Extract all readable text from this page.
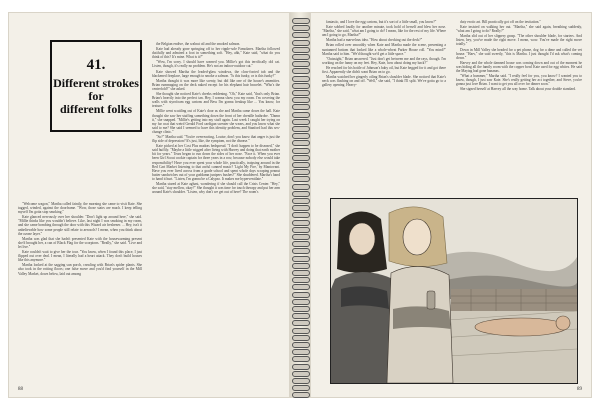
41.
Different strokes
for
different folks

"Welcome wagon," Martha called faintly, the morning she came to visit Kate. She tugged, winded, against the doorframe. "Wow, those stairs are much. I keep telling myself I'm gotta stop smoking."

Kate glanced nervously over her shoulder. "Don't light up around here," she said. "Millie thinks like you wouldn't believe. Like, last night I was smoking in my room, and she came bombing through the door with this Wizard air freshener. ... Hey, isn't it unbelievable how some people still relate to aerosols? I mean, when you think about the ozone layer."

Martha was glad that she hadn't presented Kate with the housewarming present she'd brought her, a can of Black Flag for the scorpions. "Really," she said. "Live and let live."

Kate couldn't wait to give her the tour. "You know, when I found this place, I just flipped out over deal. I mean, I literally had a heart attack. They don't build houses like this anymore."

Martha looked at the sagging sun porch, crawling with Brian's spider plants. She also took in the rotting floors; one false move and you'd find yourself in the Mill Valley Market, down below, laid out among

the Belgian endive, the walnut oil and the smoked salmon.

Kate had already gone springing off to her ripple-sole Famolares. Martha followed dutifully and admired a foot in something soft. "Hey, ahh," Kate said, "what do you think of this? It's mine. What is it?"

"Wow, I'm sorry. I should have warned you. Millie's got this terrifically old cat. Listen, though, it's really no problem. He's not an indoor-outdoor cat."

Kate showed Martha the leaded-glass windows, the claw-footed tub and the blackened fireplace, large enough to smoke a salmon. "Is this funky, or is this funky?"

Martha thought it was more like scenty, but did like one of the house's amenities. Brian rummaging on the deck naked except for his elephant hair bracelet. "Who's the centerfold?" she asked.

She thought she noticed Kate's cheeks reddening. "Oh," Kate said, "that's only Brian. Brian's heavily into the perfect tan. Hey, I wanna show you my room. I'm covering the walls with styrofoam egg cartons and Bess I'm gonna freakup like ... You know, for texture."

Millie went scuttling out of Kate's door as she and Martha came down the hall. Kate thought she saw her stuffing something down the front of her chenille bathrobe. "Damn it," she snapped. "Millie's getting into my stuff again. Last week I caught her trying on my fur coat that weird Gerald Ford cardigan sweater she wears, and you know what she said to me? She said I seemed to have this identity problem, and Stanford had this sex-change clinic."

"So?" Martha said. "You're overreacting, Louise, don't you know that anger is just the flip side of depression? It's just, like, the symptom, not the disease."

Kate picked at her Cost Plus madras bedspread. "I don't happen to be diseased," she said huffily. "Maybe a little wigged after living with Harvey and doing that earth mother bit for years." Tears began to run down the sides of her nose. "Face it. When you ever been Girl Scout cookie captain for three years in a row, because nobody else would take responsibility? Have you ever spent your whole life, practically, traipsing around in the Red Cart Market listening to that awful canned music? 'Light My Fire,' by Mantovani. Have you ever lived across from a grade school and spent whole days scraping peanut butter sandwiches out of your goddamn junipers bushes?" She shuddered. Martha's hand to hand it hurt. "Listen, I'm gonna be a Calypso. It makes me hyperventilate."

Martha stared at Kate aghast, wondering if she should call the Crisis Center. "Hey," she said, "stay mellow, okay?" She thought it was time for touch therapy and put her arm around Kate's shoulder. "Listen, why don't we get out of here? The room's

88

fantastic, and I love the egg cartons, but it's sort of a little small, you know?"

Kate sobbed loudly for another minute, took hold of herself and blew her nose. "Martha," she said, "what am I going to do? I mean, like for the rest of my life. Where am I going to go, Martha?"

Martha had a marvelous idea. "How about checking out the deck?"

Brian rolled over smoothly when Kate and Martha made the scene, presenting a suntanned bottom that looked like a whole-wheat Parker House roll. "You mind?" Martha said to him. "We'd thought we'd get a little space."

"Outasight," Brian answered. "Just don't get between me and the rays, though. I'm working on the fanny on my feet. Hey, Kate, how about doing my back?"

He reached for his bottle of Johnson's baby oil, but Kate begged for it and got there first. Apparently she didn't want Brian on to go.

Martha watched her gingerly oiling Brian's shoulder blade. She noticed that Kate's neck was flushing on and off. "Well," she said, "I think I'll split. We've gotta go to a gallery opening. Heavy-

duty erotic art. Bill practically got off on the invitation."

Kate insisted on walking her out. "Martha," she said again, breathing suddenly, "what am I going to do? Really?"

Martha slid out of her slippery grasp. "The other shoulder blade, for starters. And listen, hey, you've made the right move. I mean, wow. You've made the right move totally."

Down in Mill Valley she headed for a pet phone, dog for a dime and called the vet house. "Harv," she said sweetly, "this is Martha. I just thought I'd ask what's coming down."

Harvey and the whole damned house was coming down and out of the moment he was hiding all the family room with the copper bowl Kate used for egg whites. He said the Maytag had gone bananas.

"What a bummer," Martha said. "I really feel for you, you know? I wanted you to know, though, I just saw Kate. She's really getting her act together, and Steve, you're gonna just love Brian. I want to get you all over for dinner soon."

She signed herself at Harvey all the way home. Talk about your double standard.

89
